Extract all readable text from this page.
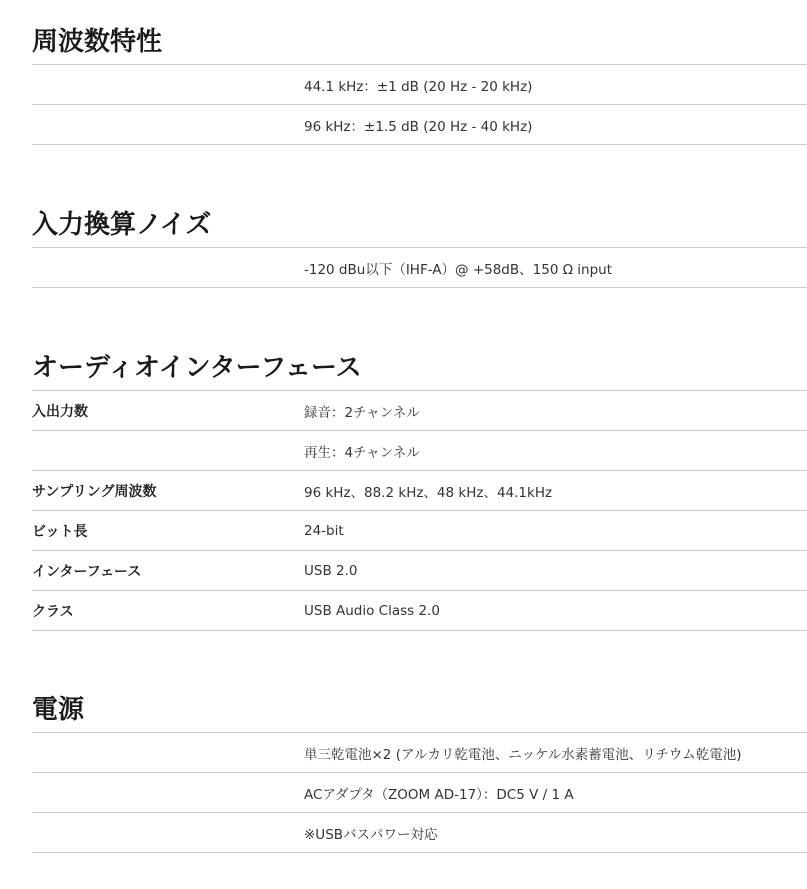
周波数特性
44.1 kHz：±1 dB (20 Hz - 20 kHz)
96 kHz：±1.5 dB (20 Hz - 40 kHz)
入力換算ノイズ
-120 dBu以下（IHF-A）@ +58dB、150 Ω input
オーディオインターフェース
入出力数	録音：2チャンネル
再生：4チャンネル
サンプリング周波数	96 kHz、88.2 kHz、48 kHz、44.1kHz
ビット長	24-bit
インターフェース	USB 2.0
クラス	USB Audio Class 2.0
電源
単三乾電池×2 (アルカリ乾電池、ニッケル水素蓄電池、リチウム乾電池)
ACアダプタ（ZOOM AD-17）：DC5 V / 1 A
※USBバスパワー対応
